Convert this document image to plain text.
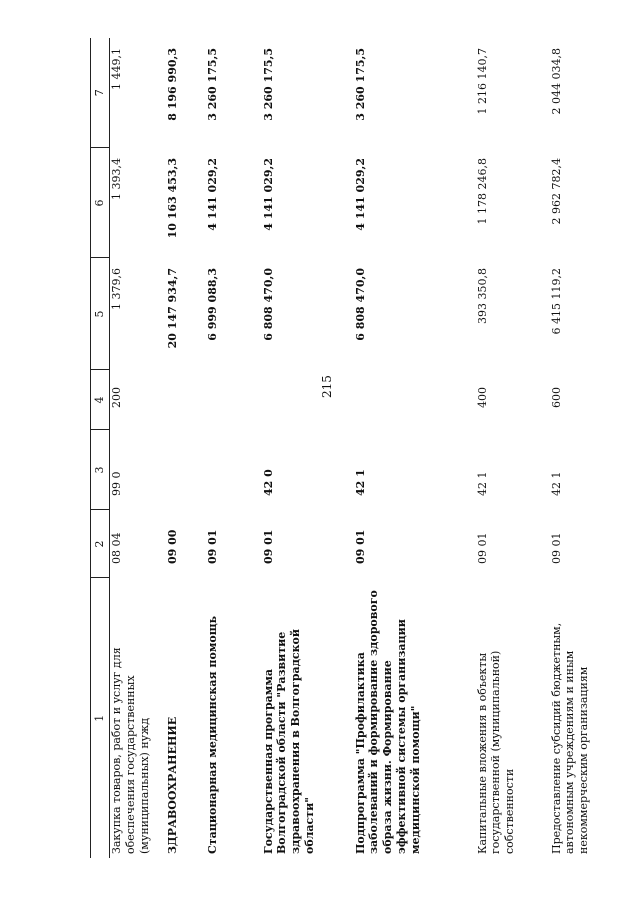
215
1	2	3	4	5	6	7
Закупка товаров, работ и услуг для обеспечения государственных (муниципальных) нужд	08 04	99 0	200	1 379,6	1 393,4	1 449,1
ЗДРАВООХРАНЕНИЕ	09 00			20 147 934,7	10 163 453,3	8 196 990,3
Стационарная медицинская помощь	09 01			6 999 088,3	4 141 029,2	3 260 175,5
Государственная программа Волгоградской области "Развитие здравоохранения в Волгоградской области"	09 01	42 0		6 808 470,0	4 141 029,2	3 260 175,5
Подпрограмма "Профилактика заболеваний и формирование здорового образа жизни. Формирование эффективной системы организации медицинской помощи"	09 01	42 1		6 808 470,0	4 141 029,2	3 260 175,5
Капитальные вложения в объекты государственной (муниципальной) собственности	09 01	42 1	400	393 350,8	1 178 246,8	1 216 140,7
Предоставление субсидий бюджетным, автономным учреждениям и иным некоммерческим организациям	09 01	42 1	600	6 415 119,2	2 962 782,4	2 044 034,8
